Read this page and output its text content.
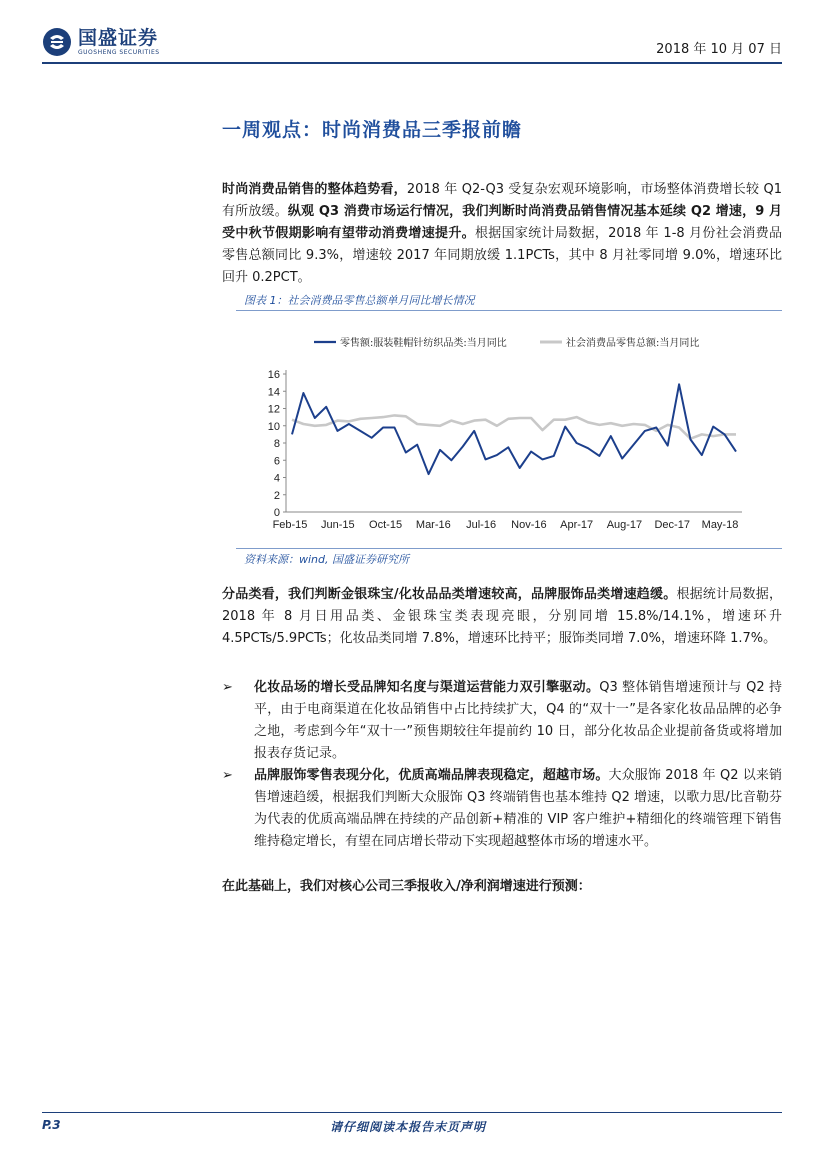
国盛证券
GUOSHENG SECURITIES	2018 年 10 月 07 日
一周观点：时尚消费品三季报前瞻
时尚消费品销售的整体趋势看，2018 年 Q2-Q3 受复杂宏观环境影响，市场整体消费增长较 Q1 有所放缓。纵观 Q3 消费市场运行情况，我们判断时尚消费品销售情况基本延续 Q2 增速，9 月受中秋节假期影响有望带动消费增速提升。根据国家统计局数据，2018 年 1-8 月份社会消费品零售总额同比 9.3%，增速较 2017 年同期放缓 1.1PCTs，其中 8 月社零同增 9.0%，增速环比回升 0.2PCT。
图表 1：社会消费品零售总额单月同比增长情况
0
2
4
6
8
10
12
14
16
Feb-15 Jun-15 Oct-15 Mar-16 Jul-16 Nov-16 Apr-17 Aug-17 Dec-17 May-18
零售额:服装鞋帽针纺织品类:当月同比	社会消费品零售总额:当月同比
资料来源：wind, 国盛证券研究所
分品类看，我们判断金银珠宝/化妆品品类增速较高，品牌服饰品类增速趋缓。根据统计局数据，2018 年 8 月日用品类、金银珠宝类表现亮眼，分别同增 15.8%/14.1%，增速环升 4.5PCTs/5.9PCTs；化妆品类同增 7.8%，增速环比持平；服饰类同增 7.0%，增速环降 1.7%。
➢	化妆品场的增长受品牌知名度与渠道运营能力双引擎驱动。Q3 整体销售增速预计与 Q2 持平，由于电商渠道在化妆品销售中占比持续扩大，Q4 的“双十一”是各家化妆品品牌的必争之地，考虑到今年“双十一”预售期较往年提前约 10 日，部分化妆品企业提前备货或将增加报表存货记录。
➢	品牌服饰零售表现分化，优质高端品牌表现稳定，超越市场。大众服饰 2018 年 Q2 以来销售增速趋缓，根据我们判断大众服饰 Q3 终端销售也基本维持 Q2 增速，以歌力思/比音勒芬为代表的优质高端品牌在持续的产品创新+精准的 VIP 客户维护+精细化的终端管理下销售维持稳定增长，有望在同店增长带动下实现超越整体市场的增速水平。
在此基础上，我们对核心公司三季报收入/净利润增速进行预测：
P.3	请仔细阅读本报告末页声明
